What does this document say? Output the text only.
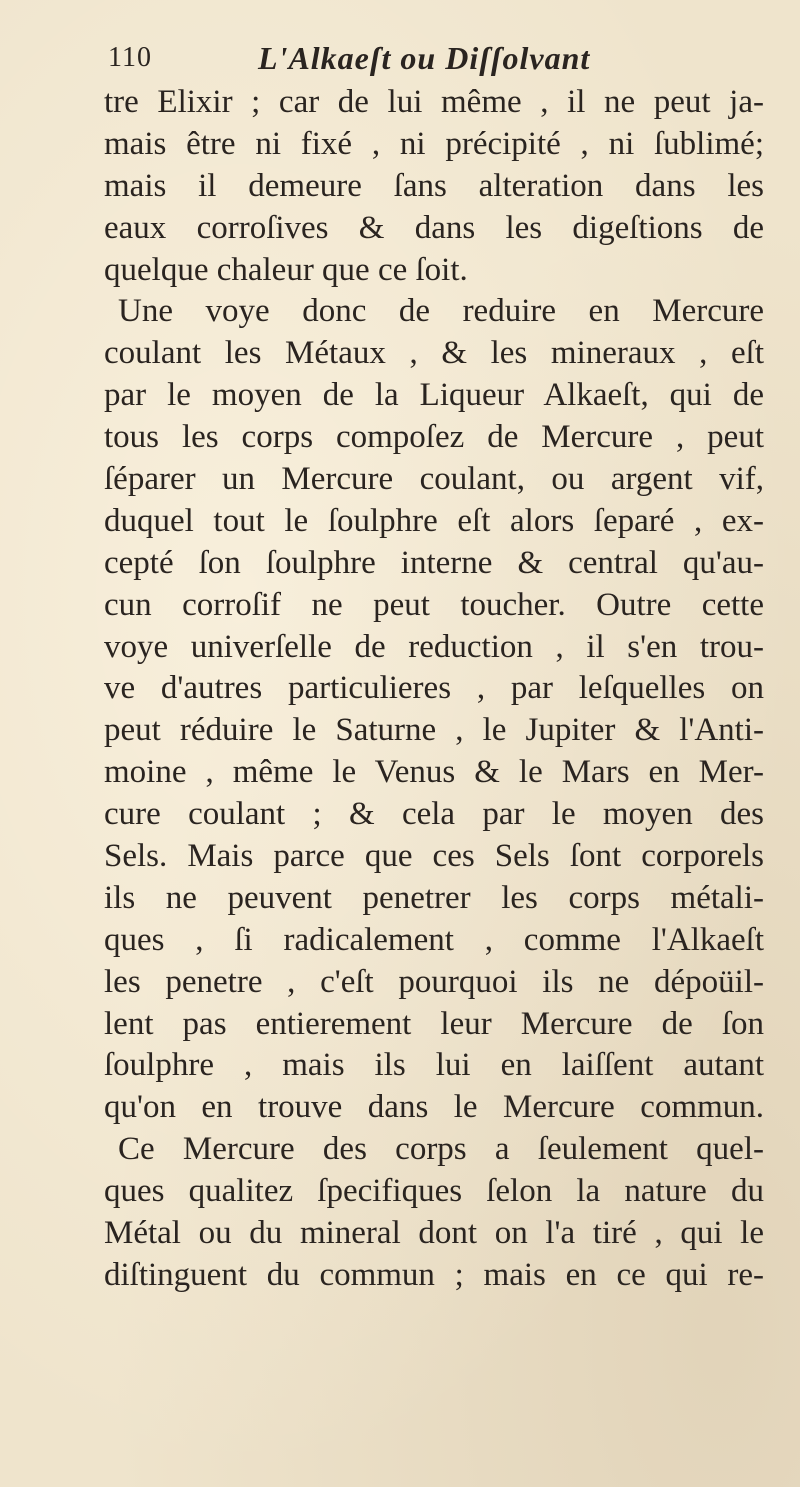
110	L'Alkaeſt ou Diſſolvant
tre Elixir ; car de lui même , il ne peut ja-
mais être ni fixé , ni précipité , ni ſublimé;
mais il demeure ſans alteration dans les
eaux corroſives & dans les digeſtions de
quelque chaleur que ce ſoit.
Une voye donc de reduire en Mercure
coulant les Métaux , & les mineraux , eſt
par le moyen de la Liqueur Alkaeſt, qui de
tous les corps compoſez de Mercure , peut
ſéparer un Mercure coulant, ou argent vif,
duquel tout le ſoulphre eſt alors ſeparé , ex-
cepté ſon ſoulphre interne & central qu'au-
cun corroſif ne peut toucher. Outre cette
voye univerſelle de reduction , il s'en trou-
ve d'autres particulieres , par leſquelles on
peut réduire le Saturne , le Jupiter & l'Anti-
moine , même le Venus & le Mars en Mer-
cure coulant ; & cela par le moyen des
Sels. Mais parce que ces Sels ſont corporels
ils ne peuvent penetrer les corps métali-
ques , ſi radicalement , comme l'Alkaeſt
les penetre , c'eſt pourquoi ils ne dépoüil-
lent pas entierement leur Mercure de ſon
ſoulphre , mais ils lui en laiſſent autant
qu'on en trouve dans le Mercure commun.
Ce Mercure des corps a ſeulement quel-
ques qualitez ſpecifiques ſelon la nature du
Métal ou du mineral dont on l'a tiré , qui le
diſtinguent du commun ; mais en ce qui re-
